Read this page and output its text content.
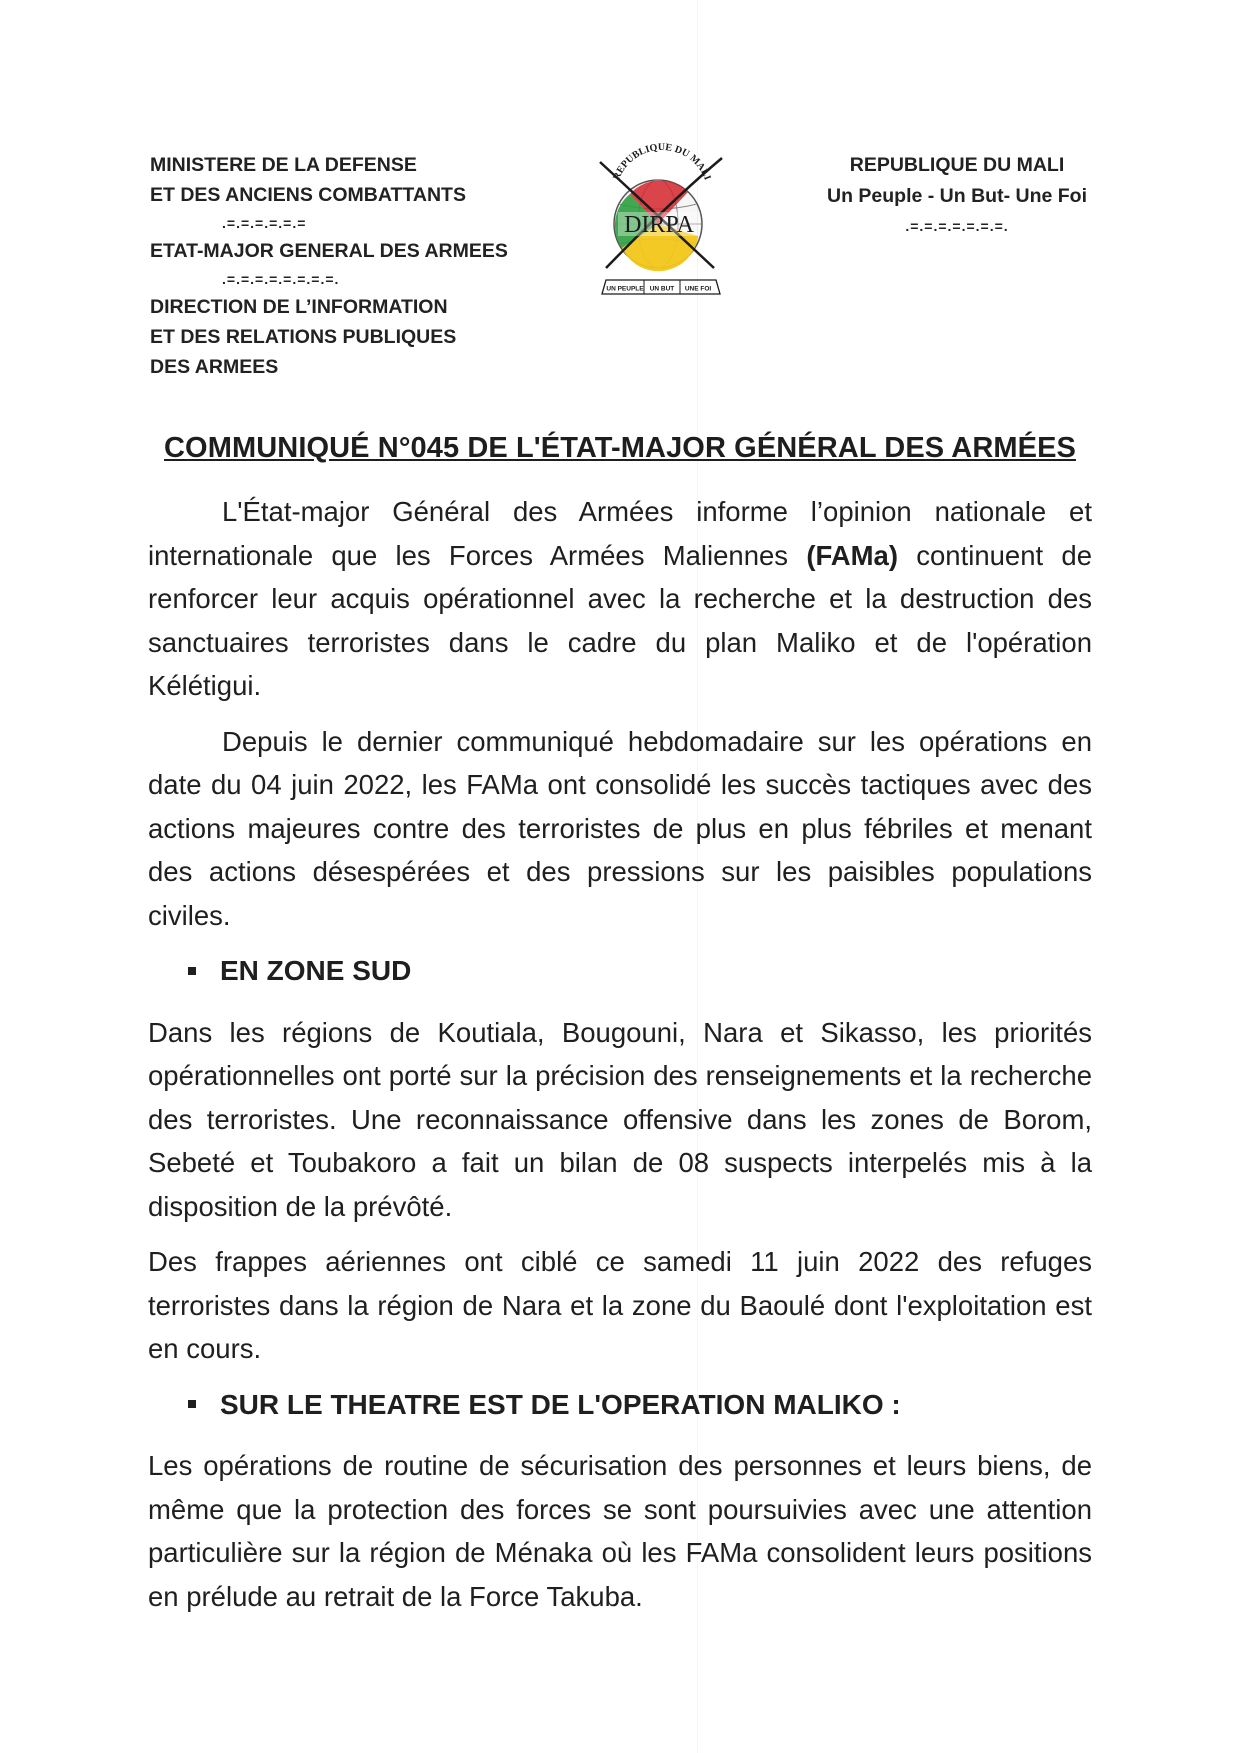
MINISTERE DE LA DEFENSE
ET DES ANCIENS COMBATTANTS
.=.=.=.=.=.=
ETAT-MAJOR GENERAL DES ARMEES
.=.=.=.=.=.=.=.=.
DIRECTION DE L’INFORMATION
ET DES RELATIONS PUBLIQUES
DES ARMEES
REPUBLIQUE DU MALI
DIRPA
UN PEUPLE UN BUT UNE FOI
REPUBLIQUE DU MALI
Un Peuple - Un But- Une Foi
.=.=.=.=.=.=.=.
COMMUNIQUÉ N°045 DE L'ÉTAT-MAJOR GÉNÉRAL DES ARMÉES

L'État-major Général des Armées informe l’opinion nationale et internationale que les Forces Armées Maliennes (FAMa) continuent de renforcer leur acquis opérationnel avec la recherche et la destruction des sanctuaires terroristes dans le cadre du plan Maliko et de l'opération Kélétigui.

Depuis le dernier communiqué hebdomadaire sur les opérations en date du 04 juin 2022, les FAMa ont consolidé les succès tactiques avec des actions majeures contre des terroristes de plus en plus fébriles et menant des actions désespérées et des pressions sur les paisibles populations civiles.

EN ZONE SUD

Dans les régions de Koutiala, Bougouni, Nara et Sikasso, les priorités opérationnelles ont porté sur la précision des renseignements et la recherche des terroristes. Une reconnaissance offensive dans les zones de Borom, Sebeté et Toubakoro a fait un bilan de 08 suspects interpelés mis à la disposition de la prévôté.

Des frappes aériennes ont ciblé ce samedi 11 juin 2022 des refuges terroristes dans la région de Nara et la zone du Baoulé dont l'exploitation est en cours.

SUR LE THEATRE EST DE L'OPERATION MALIKO :

Les opérations de routine de sécurisation des personnes et leurs biens, de même que la protection des forces se sont poursuivies avec une attention particulière sur la région de Ménaka où les FAMa consolident leurs positions en prélude au retrait de la Force Takuba.
